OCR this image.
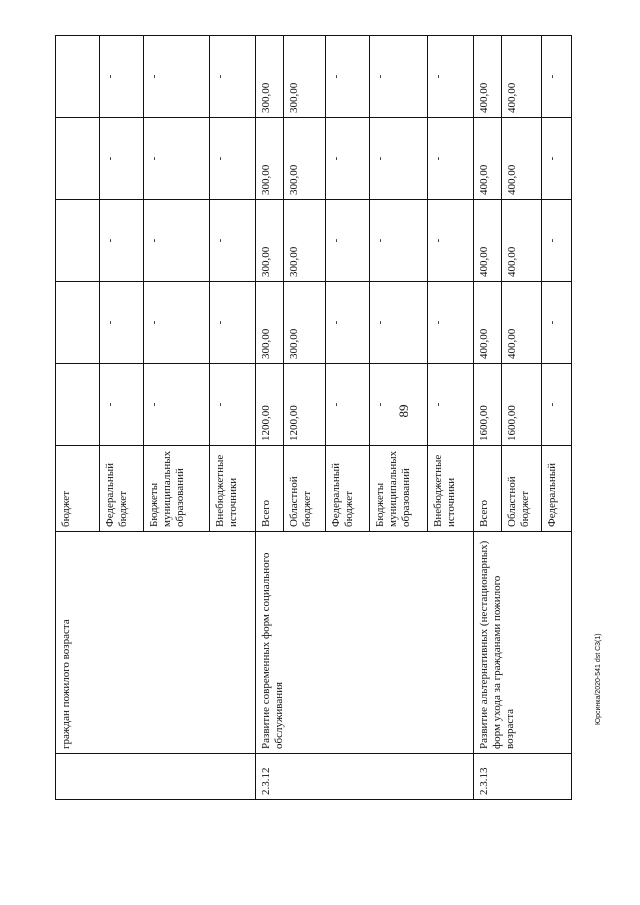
89
	граждан пожилого возраста	бюджет					
		Федеральный бюджет	-	-	-	-	-
		Бюджеты муниципальных образований	-	-	-	-	-
		Внебюджетные источники	-	-	-	-	-
2.3.12	Развитие современных форм социального обслуживания	Всего	1200,00	300,00	300,00	300,00	300,00
		Областной бюджет	1200,00	300,00	300,00	300,00	300,00
		Федеральный бюджет	-	-	-	-	-
		Бюджеты муниципальных образований	-	-	-	-	-
		Внебюджетные источники	-	-	-	-	-
2.3.13	Развитие альтернативных (нестационарных) форм ухода за гражданами пожилого возраста	Всего	1600,00	400,00	400,00	400,00	400,00
		Областной бюджет	1600,00	400,00	400,00	400,00	400,00
		Федеральный	-	-	-	-	-
Юрсинка/2020-541 dst C3(1)
